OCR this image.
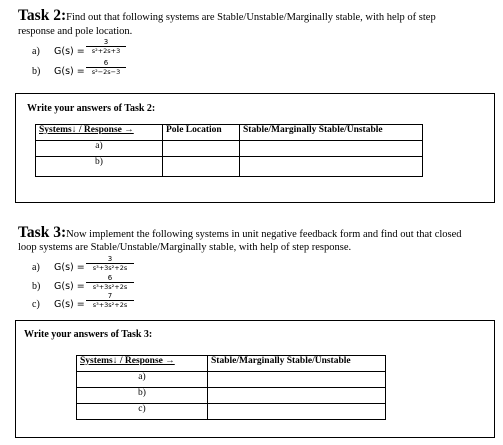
Task 2:Find out that following systems are Stable/Unstable/Marginally stable, with help of step
response and pole location.
a) G(s) =
3
s²+2s+3
b) G(s) =
6
s²−2s−3
Write your answers of Task 2:
Systems↓ / Response →	Pole Location	Stable/Marginally Stable/Unstable
a)		
b)		
Task 3:Now implement the following systems in unit negative feedback form and find out that closed
loop systems are Stable/Unstable/Marginally stable, with help of step response.
a) G(s) =
3
s³+3s²+2s
b) G(s) =
6
s³+3s²+2s
c) G(s) =
7
s³+3s²+2s
Write your answers of Task 3:
Systems↓ / Response →	Stable/Marginally Stable/Unstable
a)	
b)	
c)	
